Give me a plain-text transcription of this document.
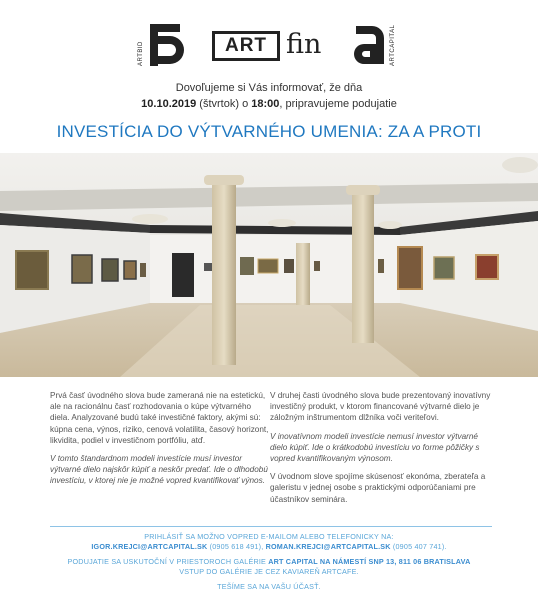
ARTBID	ART fin	ARTCAPITAL
Dovoľujeme si Vás informovať, že dňa
10.10.2019 (štvrtok) o 18:00, pripravujeme podujatie
INVESTÍCIA DO VÝTVARNÉHO UMENIA: ZA A PROTI

Prvá časť úvodného slova bude zameraná nie na estetickú, ale na racionálnu časť rozhodovania o kúpe výtvarného diela. Analyzované budú také investičné faktory, akými sú: kúpna cena, výnos, riziko, cenová volatilita, časový horizont, likvidita, podiel v investičnom portfóliu, atď.

V tomto štandardnom modeli investície musí investor výtvarné dielo najskôr kúpiť a neskôr predať. Ide o dlhodobú investíciu, v ktorej nie je možné vopred kvantifikovať výnos.

V druhej časti úvodného slova bude prezentovaný inovatívny investičný produkt, v ktorom financované výtvarné dielo je záložným inštrumentom dlžníka voči veriteľovi.

V inovatívnom modeli investície nemusí investor výtvarné dielo kúpiť. Ide o krátkodobú investíciu vo forme pôžičky s vopred kvantifikovaným výnosom.

V úvodnom slove spojíme skúsenosť ekonóma, zberateľa a galeristu v jednej osobe s praktickými odporúčaniami pre účastníkov seminára.

PRIHLÁSIŤ SA MOŽNO VOPRED E-MAILOM ALEBO TELEFONICKY NA:

IGOR.KREJCI@ARTCAPITAL.SK (0905 618 491), ROMAN.KREJCI@ARTCAPITAL.SK (0905 407 741).

PODUJATIE SA USKUTOČNÍ V PRIESTOROCH GALÉRIE ART CAPITAL NA NÁMESTÍ SNP 13, 811 06 BRATISLAVA

VSTUP DO GALÉRIE JE CEZ KAVIAREŇ ARTCAFE.

TEŠÍME SA NA VAŠU ÚČASŤ.
